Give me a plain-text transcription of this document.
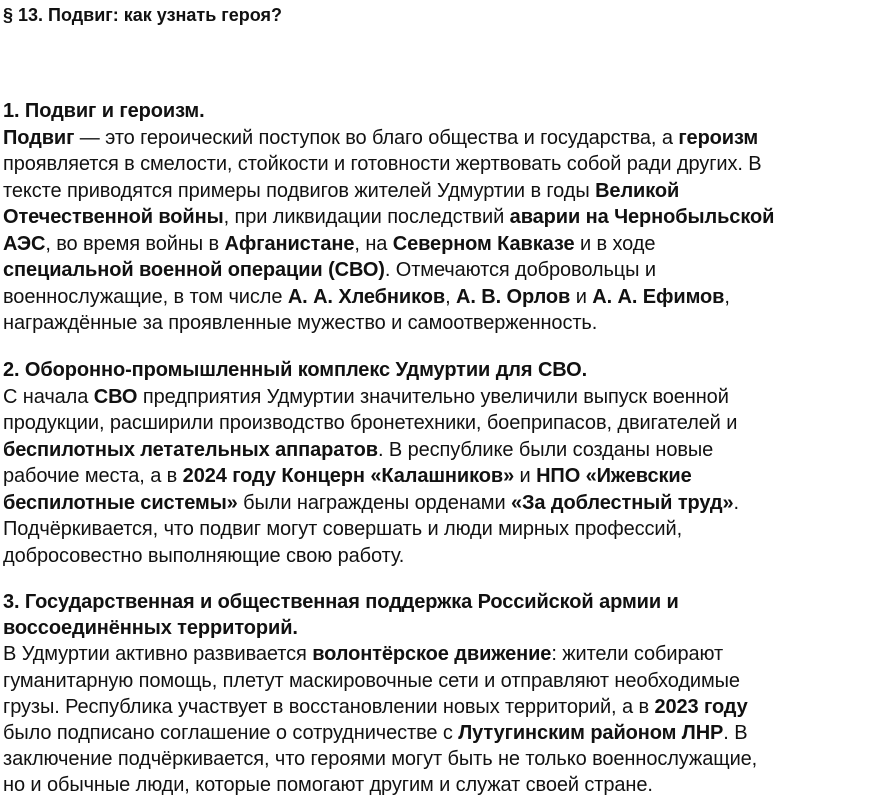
§ 13. Подвиг: как узнать героя?
1. Подвиг и героизм.
Подвиг — это героический поступок во благо общества и государства, а героизм
проявляется в смелости, стойкости и готовности жертвовать собой ради других. В
тексте приводятся примеры подвигов жителей Удмуртии в годы Великой
Отечественной войны, при ликвидации последствий аварии на Чернобыльской
АЭС, во время войны в Афганистане, на Северном Кавказе и в ходе
специальной военной операции (СВО). Отмечаются добровольцы и
военнослужащие, в том числе А. А. Хлебников, А. В. Орлов и А. А. Ефимов,
награждённые за проявленные мужество и самоотверженность.
2. Оборонно-промышленный комплекс Удмуртии для СВО.
С начала СВО предприятия Удмуртии значительно увеличили выпуск военной
продукции, расширили производство бронетехники, боеприпасов, двигателей и
беспилотных летательных аппаратов. В республике были созданы новые
рабочие места, а в 2024 году Концерн «Калашников» и НПО «Ижевские
беспилотные системы» были награждены орденами «За доблестный труд».
Подчёркивается, что подвиг могут совершать и люди мирных профессий,
добросовестно выполняющие свою работу.
3. Государственная и общественная поддержка Российской армии и
воссоединённых территорий.
В Удмуртии активно развивается волонтёрское движение: жители собирают
гуманитарную помощь, плетут маскировочные сети и отправляют необходимые
грузы. Республика участвует в восстановлении новых территорий, а в 2023 году
было подписано соглашение о сотрудничестве с Лутугинским районом ЛНР. В
заключение подчёркивается, что героями могут быть не только военнослужащие,
но и обычные люди, которые помогают другим и служат своей стране.
